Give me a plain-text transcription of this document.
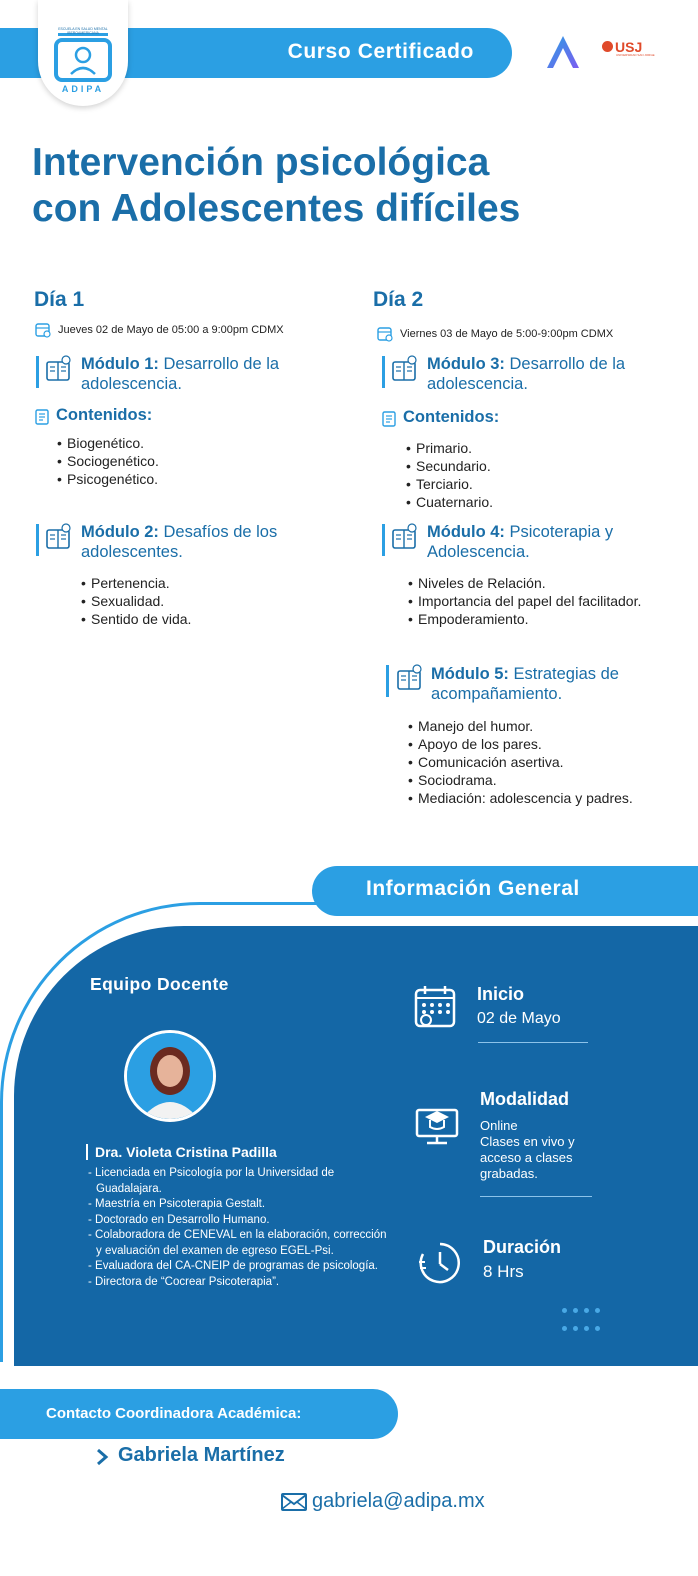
Curso Certificado
ESCUELA EN SALUD MENTAL IBEROAMERICANA
ADIPA
USJ
UNIVERSIDAD SAN JORGE
Intervención psicológica
con Adolescentes difíciles
Día 1
Jueves 02 de Mayo de 05:00 a 9:00pm CDMX
Módulo 1: Desarrollo de la
adolescencia.
Contenidos:
• Biogenético.
• Sociogenético.
• Psicogenético.
Módulo 2: Desafíos de los
adolescentes.
• Pertenencia.
• Sexualidad.
• Sentido de vida.
Día 2
Viernes 03 de Mayo de 5:00-9:00pm CDMX
Módulo 3: Desarrollo de la
adolescencia.
Contenidos:
• Primario.
• Secundario.
• Terciario.
• Cuaternario.
Módulo 4: Psicoterapia y
Adolescencia.
• Niveles de Relación.
• Importancia del papel del facilitador.
• Empoderamiento.
Módulo 5: Estrategias de
acompañamiento.
• Manejo del humor.
• Apoyo de los pares.
• Comunicación asertiva.
• Sociodrama.
• Mediación: adolescencia y padres.
Información General
Equipo Docente
Dra. Violeta Cristina Padilla
- Licenciada en Psicología por la Universidad de Guadalajara.
- Maestría en Psicoterapia Gestalt.
- Doctorado en Desarrollo Humano.
- Colaboradora de CENEVAL en la elaboración, corrección y evaluación del examen de egreso EGEL-Psi.
- Evaluadora del CA-CNEIP de programas de psicología.
- Directora de “Cocrear Psicoterapia”.
Inicio
02 de Mayo
Modalidad
Online
Clases en vivo y acceso a clases grabadas.
Duración
8 Hrs

Contacto Coordinadora Académica:
Gabriela Martínez
gabriela@adipa.mx
